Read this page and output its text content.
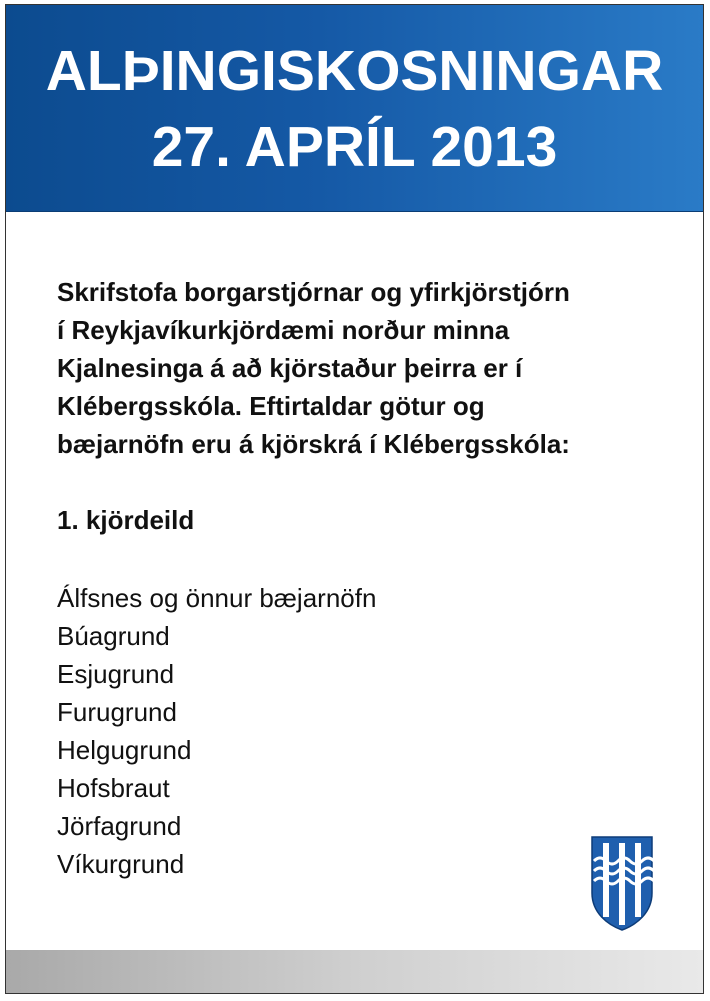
ALÞINGISKOSNINGAR
27. APRÍL 2013
Skrifstofa borgarstjórnar og yfirkjörstjórn
í Reykjavíkurkjördæmi norður minna
Kjalnesinga á að kjörstaður þeirra er í
Klébergsskóla. Eftirtaldar götur og
bæjarnöfn eru á kjörskrá í Klébergsskóla:
1. kjördeild
Álfsnes og önnur bæjarnöfn
Búagrund
Esjugrund
Furugrund
Helgugrund
Hofsbraut
Jörfagrund
Víkurgrund
